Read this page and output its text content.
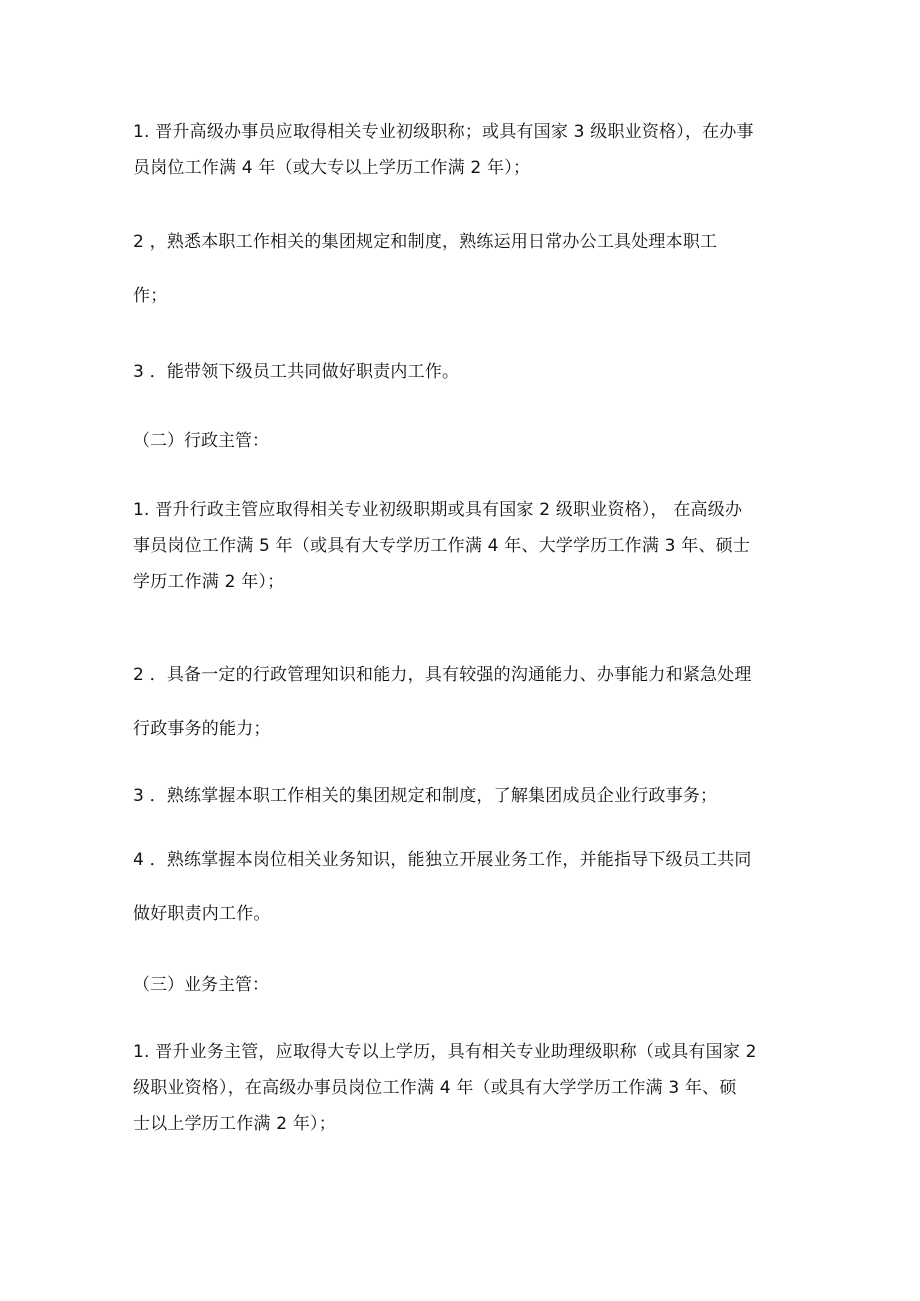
1. 晋升高级办事员应取得相关专业初级职称；或具有国家 3 级职业资格），在办事
员岗位工作满 4 年（或大专以上学历工作满 2 年）；

2 ，熟悉本职工作相关的集团规定和制度，熟练运用日常办公工具处理本职工
作；

3 ．能带领下级员工共同做好职责内工作。

（二）行政主管：

1. 晋升行政主管应取得相关专业初级职期或具有国家 2 级职业资格）， 在高级办
事员岗位工作满 5 年（或具有大专学历工作满 4 年、大学学历工作满 3 年、硕士
学历工作满 2 年）；

2 ．具备一定的行政管理知识和能力，具有较强的沟通能力、办事能力和紧急处理
行政事务的能力；

3 ．熟练掌握本职工作相关的集团规定和制度，了解集团成员企业行政事务；

4 ．熟练掌握本岗位相关业务知识，能独立开展业务工作，并能指导下级员工共同
做好职责内工作。

（三）业务主管：

1. 晋升业务主管，应取得大专以上学历，具有相关专业助理级职称（或具有国家 2
级职业资格），在高级办事员岗位工作满 4 年（或具有大学学历工作满 3 年、硕
士以上学历工作满 2 年）；
